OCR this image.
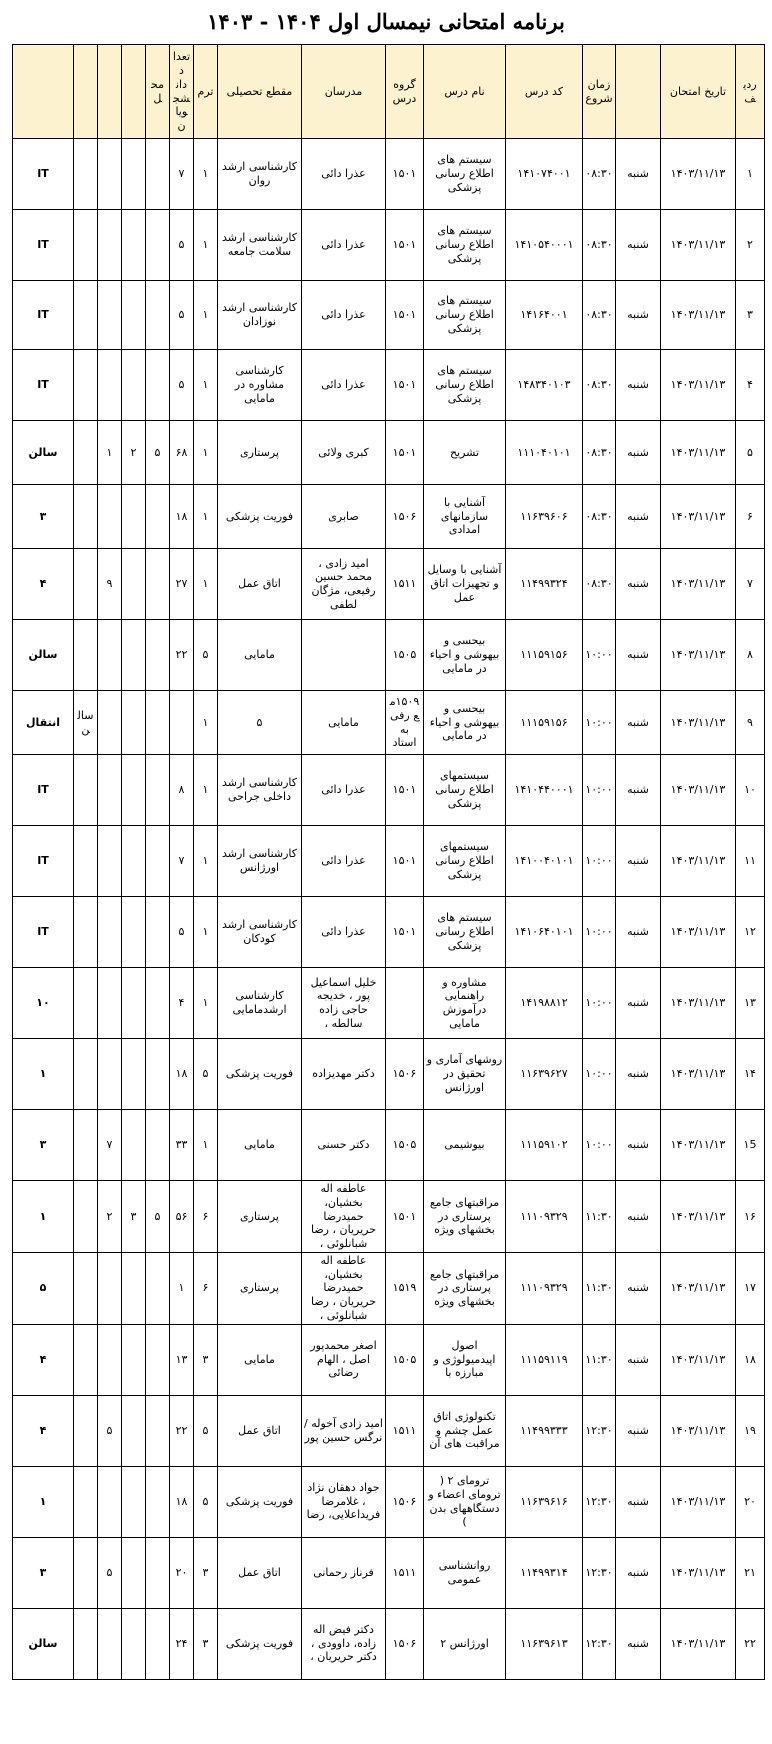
برنامه امتحانی نیمسال اول ۱۴۰۴ - ۱۴۰۳
ردیف	تاریخ امتحان		زمان شروع	کد درس	نام درس	گروه درس	مدرسان	مقطع تحصیلی	ترم	تعداد دانشجویان	محل				
۱	۱۴۰۳/۱۱/۱۳	شنبه	۰۸:۳۰	۱۴۱۰۷۴۰۰۱	سیستم های اطلاع رسانی پزشکی	۱۵۰۱	عذرا دائی	کارشناسی ارشد روان	۱	۷					IT
۲	۱۴۰۳/۱۱/۱۳	شنبه	۰۸:۳۰	۱۴۱۰۵۴۰۰۰۱	سیستم های اطلاع رسانی پزشکی	۱۵۰۱	عذرا دائی	کارشناسی ارشد سلامت جامعه	۱	۵					IT
۳	۱۴۰۳/۱۱/۱۳	شنبه	۰۸:۳۰	۱۴۱۶۴۰۰۱	سیستم های اطلاع رسانی پزشکی	۱۵۰۱	عذرا دائی	کارشناسی ارشد نوزادان	۱	۵					IT
۴	۱۴۰۳/۱۱/۱۳	شنبه	۰۸:۳۰	۱۴۸۳۴۰۱۰۳	سیستم های اطلاع رسانی پزشکی	۱۵۰۱	عذرا دائی	کارشناسی مشاوره در مامایی	۱	۵					IT
۵	۱۴۰۳/۱۱/۱۳	شنبه	۰۸:۳۰	۱۱۱۰۴۰۱۰۱	تشریح	۱۵۰۱	کبری ولائی	پرستاری	۱	۶۸	۵	۲	۱		سالن
۶	۱۴۰۳/۱۱/۱۳	شنبه	۰۸:۳۰	۱۱۶۳۹۶۰۶	آشنایی با سازمانهای امدادی	۱۵۰۶	صابری	فوریت پزشکی	۱	۱۸					۳
۷	۱۴۰۳/۱۱/۱۳	شنبه	۰۸:۳۰	۱۱۴۹۹۳۲۴	آشنایی با وسایل و تجهیزات اتاق عمل	۱۵۱۱	امید زادی ، محمد حسین رفیعی، مژگان لطفی	اتاق عمل	۱	۲۷			۹		۴
۸	۱۴۰۳/۱۱/۱۳	شنبه	۱۰:۰۰	۱۱۱۵۹۱۵۶	بیحسی و بیهوشی و احیاء در مامایی	۱۵۰۵		مامایی	۵	۲۲					سالن
۹	۱۴۰۳/۱۱/۱۳	شنبه	۱۰:۰۰	۱۱۱۵۹۱۵۶	بیحسی و بیهوشی و احیاء در مامایی	۱۵۰۹مع رفی به استاد	مامایی	۵	۱					سالن	انتقال
۱۰	۱۴۰۳/۱۱/۱۳	شنبه	۱۰:۰۰	۱۴۱۰۴۴۰۰۰۱	سیستمهای اطلاع رسانی پزشکی	۱۵۰۱	عذرا دائی	کارشناسی ارشد داخلی جراحی	۱	۸					IT
۱۱	۱۴۰۳/۱۱/۱۳	شنبه	۱۰:۰۰	۱۴۱۰۰۴۰۱۰۱	سیستمهای اطلاع رسانی پزشکی	۱۵۰۱	عذرا دائی	کارشناسی ارشد اورژانس	۱	۷					IT
۱۲	۱۴۰۳/۱۱/۱۳	شنبه	۱۰:۰۰	۱۴۱۰۶۴۰۱۰۱	سیستم های اطلاع رسانی پزشکی	۱۵۰۱	عذرا دائی	کارشناسی ارشد کودکان	۱	۵					IT
۱۳	۱۴۰۳/۱۱/۱۳	شنبه	۱۰:۰۰	۱۴۱۹۸۸۱۲	مشاوره و راهنمایی درآموزش مامایی		خلیل اسماعیل پور ، خدیجه حاجی زاده سالطه ،	کارشناسی ارشدمامایی	۱	۴					۱۰
۱۴	۱۴۰۳/۱۱/۱۳	شنبه	۱۰:۰۰	۱۱۶۳۹۶۲۷	روشهای آماری و تحقیق در اورژانس	۱۵۰۶	دکتر مهدیزاده	فوریت پزشکی	۵	۱۸					۱
۱5	۱۴۰۳/۱۱/۱۳	شنبه	۱۰:۰۰	۱۱۱۵۹۱۰۲	بیوشیمی	۱۵۰۵	دکتر حسنی	مامایی	۱	۳۳			۷		۳
۱۶	۱۴۰۳/۱۱/۱۳	شنبه	۱۱:۳۰	۱۱۱۰۹۳۲۹	مراقبتهای جامع پرستاری در بخشهای ویژه	۱۵۰۱	عاطفه اله بخشیان، حمیدرضا حریریان ، رضا شبانلوئی ،	پرستاری	۶	۵۶	۵	۳	۲		۱
۱۷	۱۴۰۳/۱۱/۱۳	شنبه	۱۱:۳۰	۱۱۱۰۹۳۲۹	مراقبتهای جامع پرستاری در بخشهای ویژه	۱۵۱۹	عاطفه اله بخشیان، حمیدرضا حریریان ، رضا شبانلوئی ،	پرستاری	۶	۱					۵
۱۸	۱۴۰۳/۱۱/۱۳	شنبه	۱۱:۳۰	۱۱۱۵۹۱۱۹	اصول اپیدمیولوژی و مبارزه با	۱۵۰۵	اصغر محمدپور اصل ، الهام رضائی	مامایی	۳	۱۳					۴
۱۹	۱۴۰۳/۱۱/۱۳	شنبه	۱۲:۳۰	۱۱۴۹۹۳۳۳	تکنولوژی اتاق عمل چشم و مراقبت های آن	۱۵۱۱	امید زادی آخوله /نرگس حسین پور	اتاق عمل	۵	۲۲			۵		۴
۲۰	۱۴۰۳/۱۱/۱۳	شنبه	۱۲:۳۰	۱۱۶۳۹۶۱۶	ترومای ۲ ( ترومای اعضاء و دستگاههای بدن )	۱۵۰۶	جواد دهقان نژاد ، غلامرضا فریداعلایی، رضا	فوریت پزشکی	۵	۱۸					۱
۲۱	۱۴۰۳/۱۱/۱۳	شنبه	۱۲:۳۰	۱۱۴۹۹۳۱۴	روانشناسی عمومی	۱۵۱۱	فرناز رحمانی	اتاق عمل	۳	۲۰			۵		۳
۲۲	۱۴۰۳/۱۱/۱۳	شنبه	۱۲:۳۰	۱۱۶۳۹۶۱۳	اورژانس ۲	۱۵۰۶	دکتر فیض اله زاده، داوودی ، دکتر حریریان ،	فوریت پزشکی	۳	۲۴					سالن
